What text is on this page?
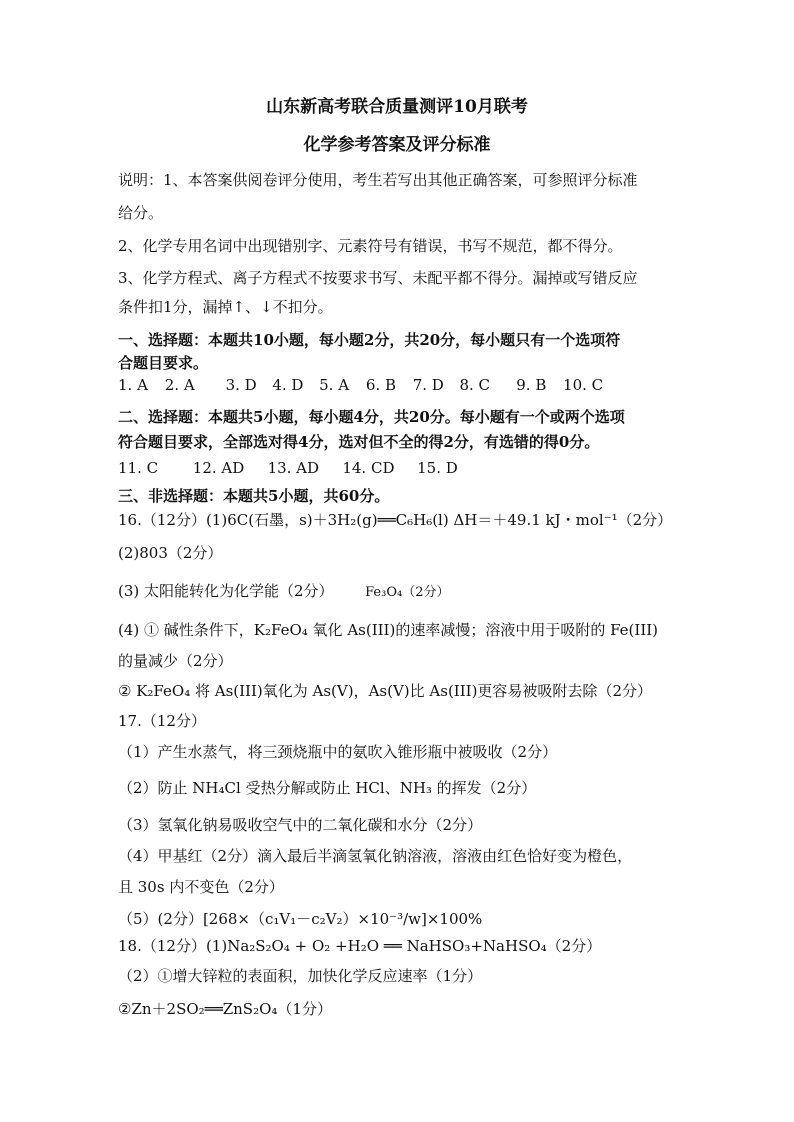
山东新高考联合质量测评10月联考
化学参考答案及评分标准
说明：1、本答案供阅卷评分使用，考生若写出其他正确答案，可参照评分标准
给分。
2、化学专用名词中出现错别字、元素符号有错误，书写不规范，都不得分。
3、化学方程式、离子方程式不按要求书写、未配平都不得分。漏掉或写错反应
条件扣1分，漏掉↑、↓不扣分。
一、选择题：本题共10小题，每小题2分，共20分，每小题只有一个选项符
合题目要求。
1. A 2. A 3. D 4. D 5. A 6. B 7. D 8. C 9. B 10. C
二、选择题：本题共5小题，每小题4分，共20分。每小题有一个或两个选项
符合题目要求，全部选对得4分，选对但不全的得2分，有选错的得0分。
11. C 12. AD 13. AD 14. CD 15. D
三、非选择题：本题共5小题，共60分。
16.（12分）(1)6C(石墨，s)＋3H₂(g)══C₆H₆(l) ΔH＝＋49.1 kJ・mol⁻¹（2分）
(2)803（2分）
(3) 太阳能转化为化学能（2分） Fe₃O₄（2分）
(4) ① 碱性条件下，K₂FeO₄ 氧化 As(III)的速率减慢；溶液中用于吸附的 Fe(III)
的量减少（2分）
② K₂FeO₄ 将 As(III)氧化为 As(V)，As(V)比 As(III)更容易被吸附去除（2分）
17.（12分）
（1）产生水蒸气，将三颈烧瓶中的氨吹入锥形瓶中被吸收（2分）
（2）防止 NH₄Cl 受热分解或防止 HCl、NH₃ 的挥发（2分）
（3）氢氧化钠易吸收空气中的二氧化碳和水分（2分）
（4）甲基红（2分）滴入最后半滴氢氧化钠溶液，溶液由红色恰好变为橙色，
且 30s 内不变色（2分）
（5）(2分）[268×（c₁V₁－c₂V₂）×10⁻³/w]×100%
18.（12分）(1)Na₂S₂O₄ + O₂ +H₂O ══ NaHSO₃+NaHSO₄（2分）
（2）①增大锌粒的表面积，加快化学反应速率（1分）
②Zn＋2SO₂══ZnS₂O₄（1分）
